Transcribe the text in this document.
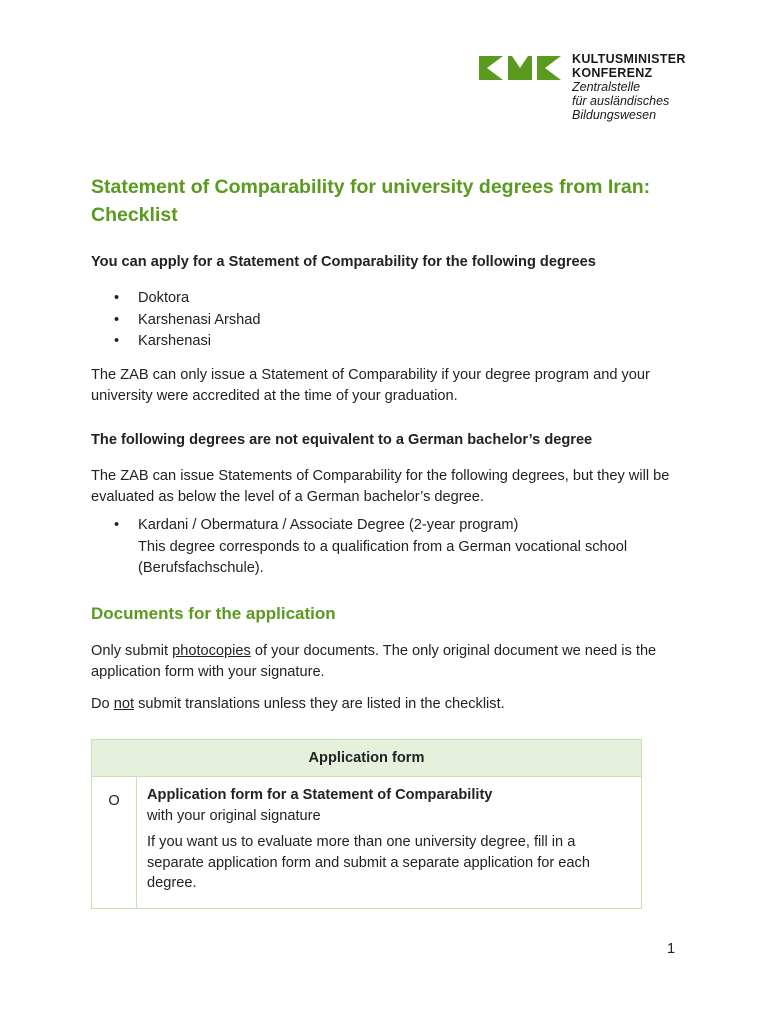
KULTUSMINISTER
KONFERENZ
Zentralstelle
für ausländisches
Bildungswesen
Statement of Comparability for university degrees from Iran: Checklist

You can apply for a Statement of Comparability for the following degrees

• Doktora
• Karshenasi Arshad
• Karshenasi

The ZAB can only issue a Statement of Comparability if your degree program and your university were accredited at the time of your graduation.

The following degrees are not equivalent to a German bachelor’s degree

The ZAB can issue Statements of Comparability for the following degrees, but they will be evaluated as below the level of a German bachelor’s degree.

• Kardani / Obermatura / Associate Degree (2-year program)
This degree corresponds to a qualification from a German vocational school (Berufsfachschule).
Documents for the application

Only submit photocopies of your documents. The only original document we need is the application form with your signature.

Do not submit translations unless they are listed in the checklist.

Application form
O	Application form for a Statement of Comparability

with your original signature

If you want us to evaluate more than one university degree, fill in a separate application form and submit a separate application for each degree.

1
